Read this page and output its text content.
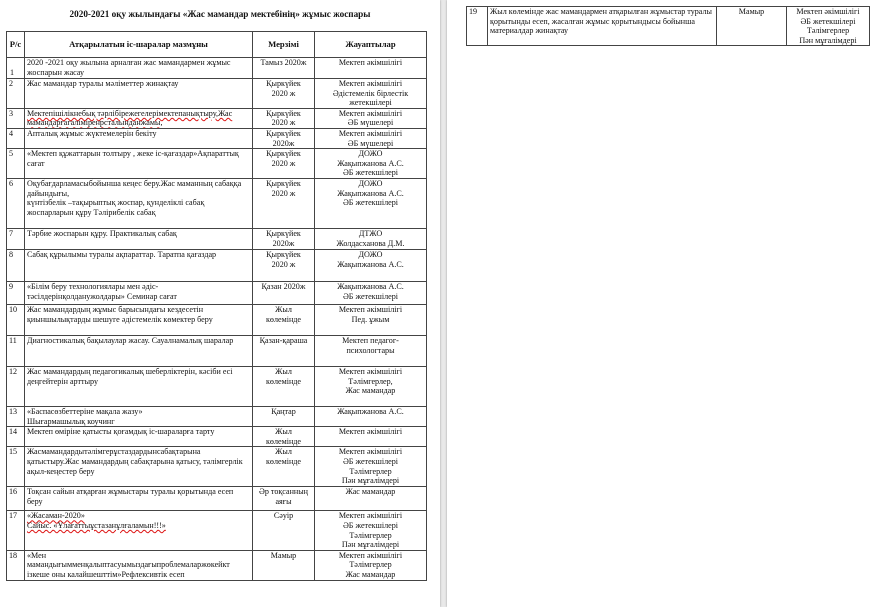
2020-2021 оқу жылындағы «Жас мамандар мектебінің» жұмыс жоспары
Р/с	Атқарылатын іс-шаралар мазмұны	Мерзімі	Жауаптылар

1	2020 -2021 оқу жылына арналған жас мамандармен жұмыс жоспарын жасау	Тамыз 2020ж	Мектеп әкімшілігі
2	Жас мамандар туралы мәліметтер жинақтау	Қыркүйек
2020 ж	Мектеп әкімшілігі
Әдістемелік бірлестік
жетекшілері
3	Мектепішілікнебық тәрлібірежегелерімектепанықтыру,Жас мамандарғагаліміренрсталынданжамы,	Қыркүйек
2020 ж	Мектеп әкімшілігі
ӘБ мүшелері
4	Апталық жұмыс жүктемелерін бекіту	Қыркүйек
2020ж	Мектеп әкімшілігі
ӘБ мүшелері
5	«Мектеп құжаттарын толтыру , жеке іс-қағаздар»Ақпараттық сағат	Қыркүйек
2020 ж	ДОЖО
Жақыпжанова А.С.
ӘБ жетекшілері
6	Оқубағдарламасыбойынша кеңес беру.Жас маманның сабаққа дайындығы,
күнтізбелік –тақырыптық жоспар, қунделіклі сабақ
жоспарларын құру Тәлірибелік сабақ	Қыркүйек
2020 ж	ДОЖО
Жақыпжанова А.С.
ӘБ жетекшілері
7	Тәрбие жоспарын құру. Практикалық сабақ	Қыркүйек
2020ж	ДТЖО
Жолдасханова Д.М.
8	Сабақ құрылымы туралы ақпараттар. Таратпа қағаздар	Қыркүйек
2020 ж	ДОЖО
Жақыпжанова А.С.
9	«Білім беру технологиялары мен әдіс-тәсілдерінқолданужолдары» Семинар сағат	Қазан 2020ж	Жақыпжанова А.С.
ӘБ жетекшілері
10	Жас мамандардың жұмыс барысындағы кездесетін қиыншылықтарды шешуге әдістемелік көмектер беру	Жыл
көлемінде	Мектеп әкімшілігі
Пед. ұжым
11	Диагностикалық бақылаулар жасау. Сауалнамалық шаралар	Қазан-қараша	Мектеп педагог-
психологтары
12	Жас мамандардың педагогикалық шеберліктерін, кәсіби есі деңгейтерін арттыру	Жыл
көлемінде	Мектеп әкімшілігі
Тәлімгерлер,
Жас мамандар
13	«Баспасөзбеттеріне мақала жазу»
Шығармашылық коучинг	Қаңтар	Жақыпжанова А.С.
14	Мектеп өміріне қатысты қоғамдық іс-шараларға тарту	Жыл
көлемінде	Мектеп әкімшілігі
15	Жасмамандардытәлімгерұстаздардынсабақтарына қатыстыру.Жас мамандардың сабақтарына қатысу, тәлімгерлік ақыл-кеңестер беру	Жыл
көлемінде	Мектеп әкімшілігі
ӘБ жетекшілері
Тәлімгерлер
Пән мұғалімдері
16	Тоқсан сайын атқарған жұмыстары туралы қорытында есеп беру	Әр тоқсанның
аяғы	Жас мамандар
17	«Жасаман-2020»
Сайыс. «Ұлағаттыұстазанұлғаламын!!!»	Сәуір	Мектеп әкімшілігі
ӘБ жетекшілері
Тәлімгерлер
Пән мұғалімдері
18	«Мен
мамандығымменқалыптасуымыздағыпроблемаларжөкейкт ізкеше оны калайшешттім»Рефлексивтік есеп	Мамыр	Мектеп әкімшілігі
Тәлімгерлер
Жас мамандар
19	Жыл көлемінде жас мамандармен атқарылған жұмыстар туралы қорытынды есеп, жасалған жұмыс қорытындысы бойынша материалдар жинақтау	Мамыр	Мектеп әкімшілігі
ӘБ жетекшілері
Тәлімгерлер
Пән мұғалімдері
